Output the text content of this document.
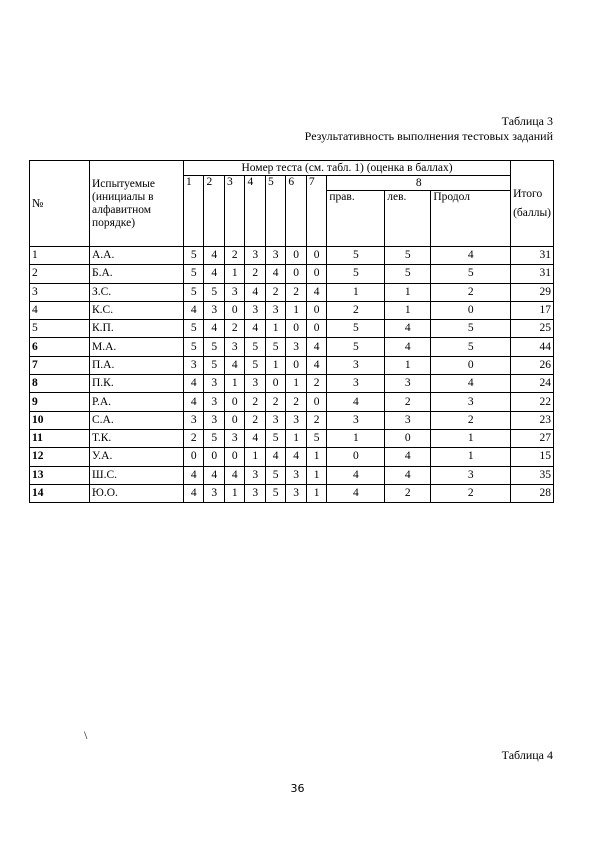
Таблица 3
Результативность выполнения тестовых заданий
№	Испытуемые (инициалы в алфавитном порядке)	Номер теста (см. табл. 1) (оценка в баллах)										Итого
(баллы)

		1	2	3	4	5	6	7	8			
									прав.	лев.	Продол	
1	А.А.	5	4	2	3	3	0	0	5	5	4	31
2	Б.А.	5	4	1	2	4	0	0	5	5	5	31
3	З.С.	5	5	3	4	2	2	4	1	1	2	29
4	К.С.	4	3	0	3	3	1	0	2	1	0	17
5	К.П.	5	4	2	4	1	0	0	5	4	5	25
6	М.А.	5	5	3	5	5	3	4	5	4	5	44
7	П.А.	3	5	4	5	1	0	4	3	1	0	26
8	П.К.	4	3	1	3	0	1	2	3	3	4	24
9	Р.А.	4	3	0	2	2	2	0	4	2	3	22
10	С.А.	3	3	0	2	3	3	2	3	3	2	23
11	Т.К.	2	5	3	4	5	1	5	1	0	1	27
12	У.А.	0	0	0	1	4	4	1	0	4	1	15
13	Ш.С.	4	4	4	3	5	3	1	4	4	3	35
14	Ю.О.	4	3	1	3	5	3	1	4	2	2	28
\
Таблица 4
36
